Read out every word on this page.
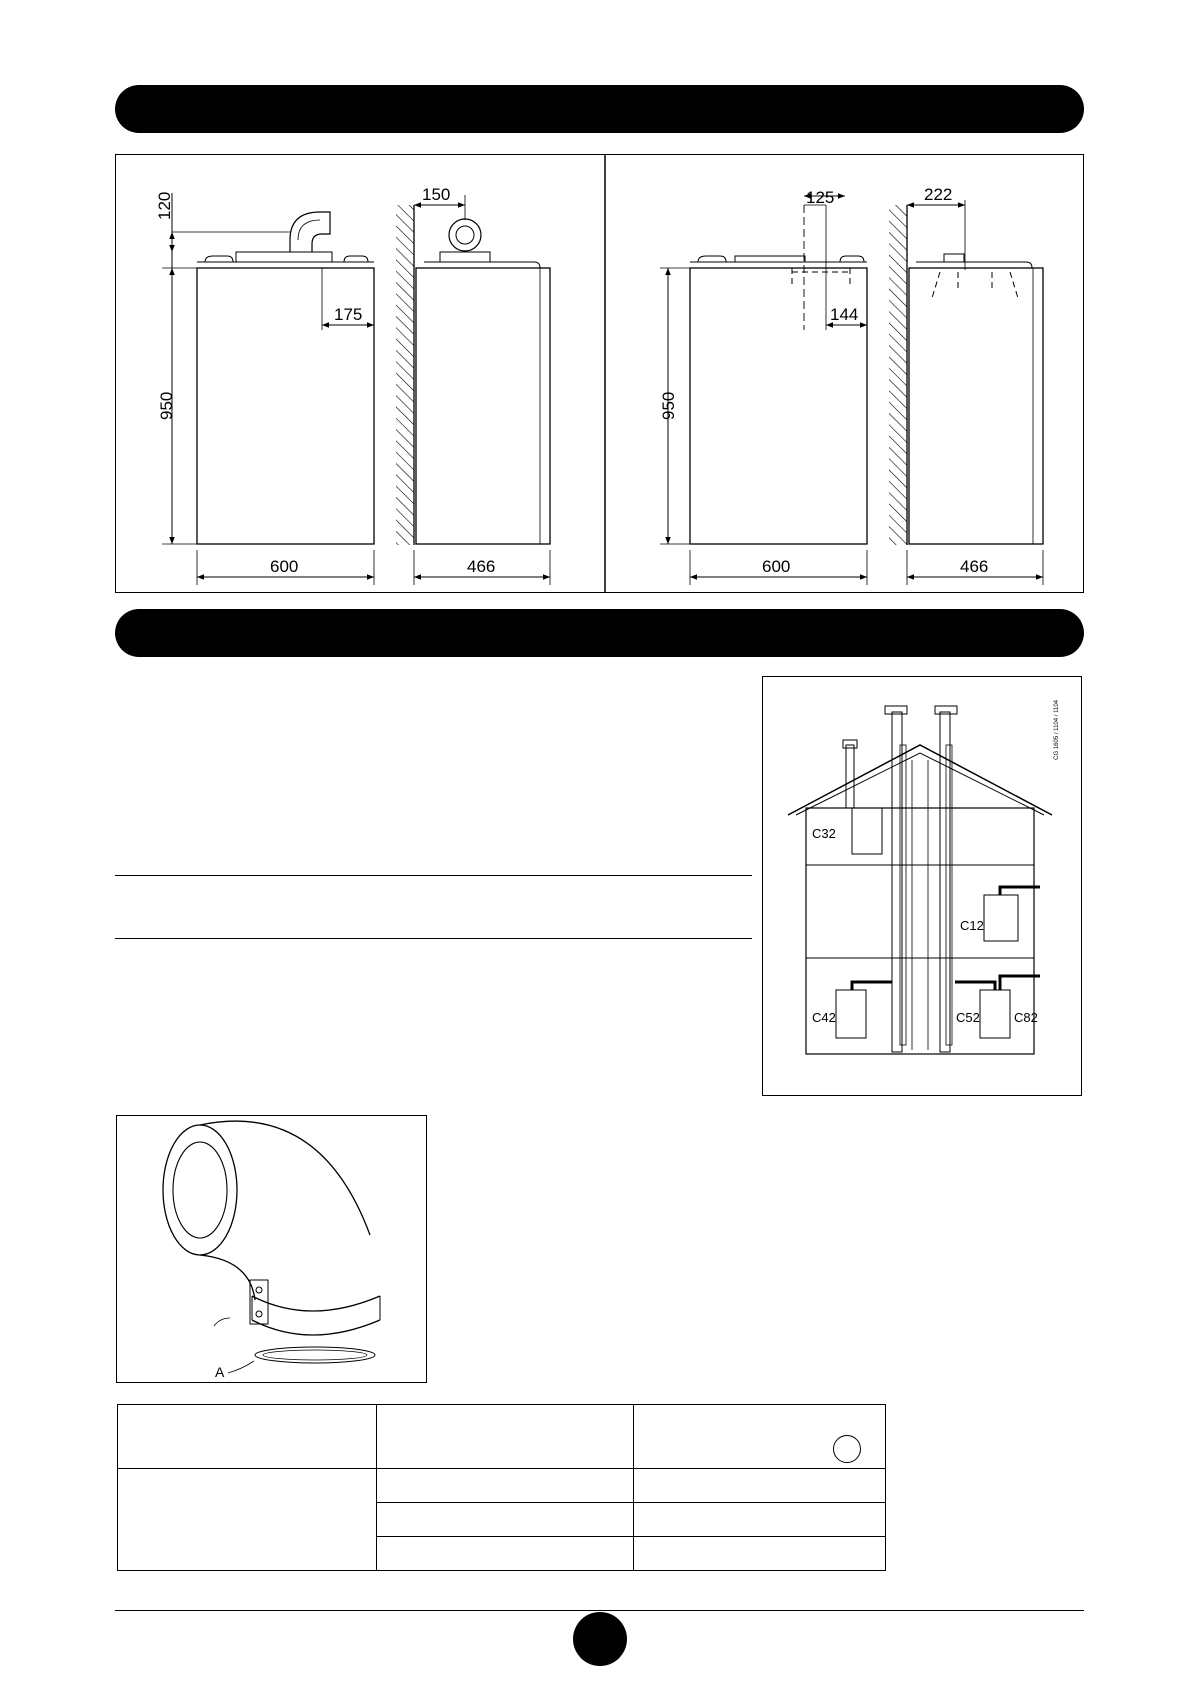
120
950
600
175
150
466
125
144
950
600
222
466
C32
C12
C42	C52	C82
CG 1605 / 1104 / 1104
A
